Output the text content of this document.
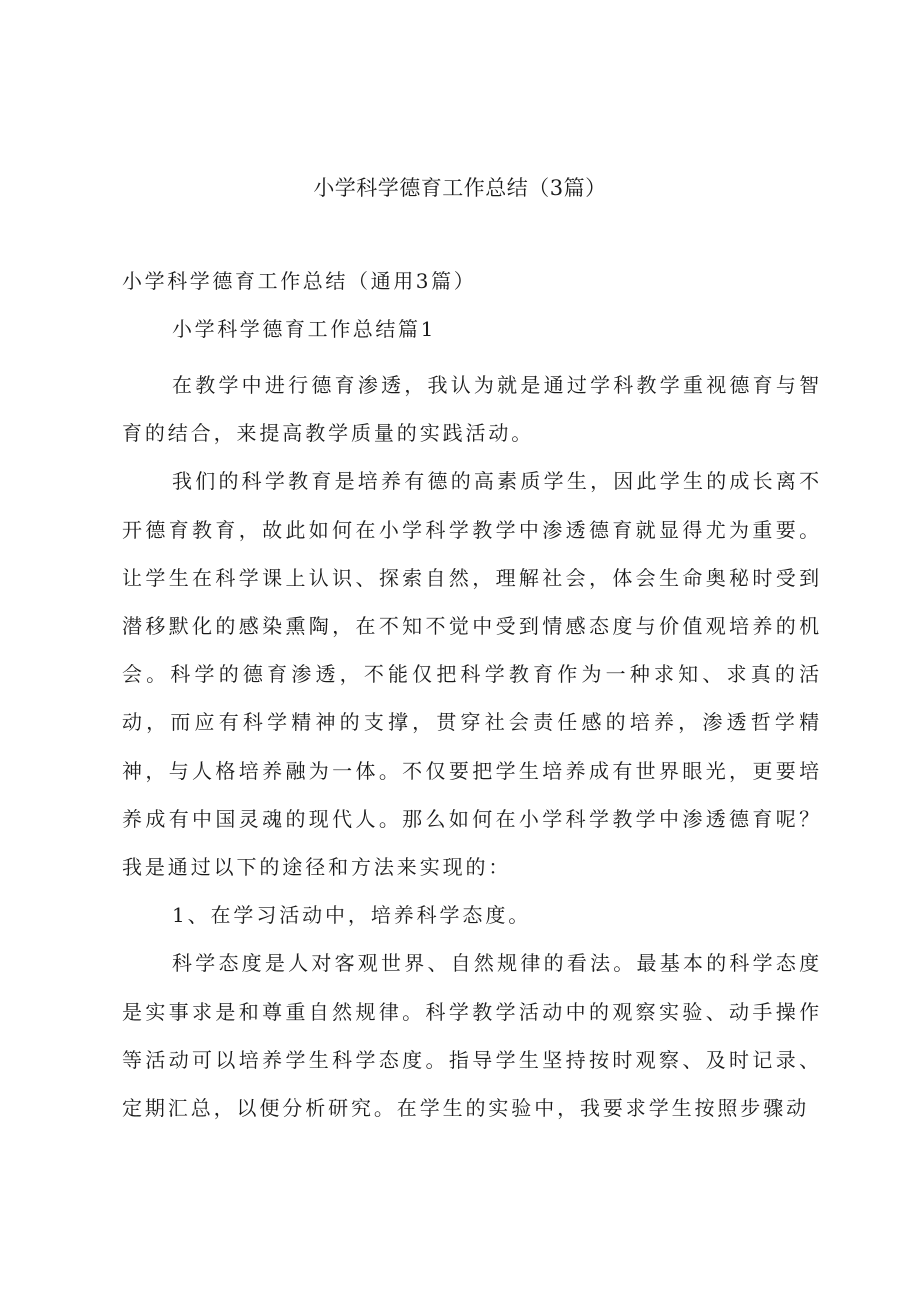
小学科学德育工作总结（3篇）
小学科学德育工作总结（通用3篇）
小学科学德育工作总结篇1

在教学中进行德育渗透，我认为就是通过学科教学重视德育与智育的结合，来提高教学质量的实践活动。

我们的科学教育是培养有德的高素质学生，因此学生的成长离不开德育教育，故此如何在小学科学教学中渗透德育就显得尤为重要。让学生在科学课上认识、探索自然，理解社会，体会生命奥秘时受到潜移默化的感染熏陶，在不知不觉中受到情感态度与价值观培养的机会。科学的德育渗透，不能仅把科学教育作为一种求知、求真的活动，而应有科学精神的支撑，贯穿社会责任感的培养，渗透哲学精神，与人格培养融为一体。不仅要把学生培养成有世界眼光，更要培养成有中国灵魂的现代人。那么如何在小学科学教学中渗透德育呢？我是通过以下的途径和方法来实现的：

1、在学习活动中，培养科学态度。

科学态度是人对客观世界、自然规律的看法。最基本的科学态度是实事求是和尊重自然规律。科学教学活动中的观察实验、动手操作等活动可以培养学生科学态度。指导学生坚持按时观察、及时记录、定期汇总，以便分析研究。在学生的实验中，我要求学生按照步骤动
